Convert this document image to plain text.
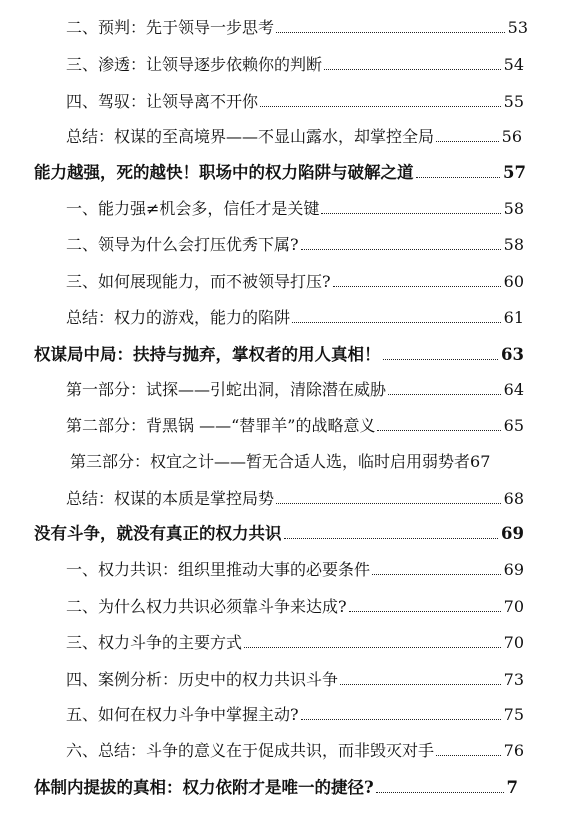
二、预判：先于领导一步思考	53
三、渗透：让领导逐步依赖你的判断	54
四、驾驭：让领导离不开你	55
总结：权谋的至高境界——不显山露水，却掌控全局	56
能力越强，死的越快！职场中的权力陷阱与破解之道	57
一、能力强≠机会多，信任才是关键	58
二、领导为什么会打压优秀下属?	58
三、如何展现能力，而不被领导打压?	60
总结：权力的游戏，能力的陷阱	61
权谋局中局：扶持与抛弃，掌权者的用人真相！	63
第一部分：试探——引蛇出洞，清除潜在威胁	64
第二部分：背黑锅 ——“替罪羊”的战略意义	65
第三部分：权宜之计——暂无合适人选，临时启用弱势者 67
总结：权谋的本质是掌控局势	68
没有斗争，就没有真正的权力共识	69
一、权力共识：组织里推动大事的必要条件	69
二、为什么权力共识必须靠斗争来达成?	70
三、权力斗争的主要方式	70
四、案例分析：历史中的权力共识斗争	73
五、如何在权力斗争中掌握主动?	75
六、总结：斗争的意义在于促成共识，而非毁灭对手	76
体制内提拔的真相：权力依附才是唯一的捷径?	7
